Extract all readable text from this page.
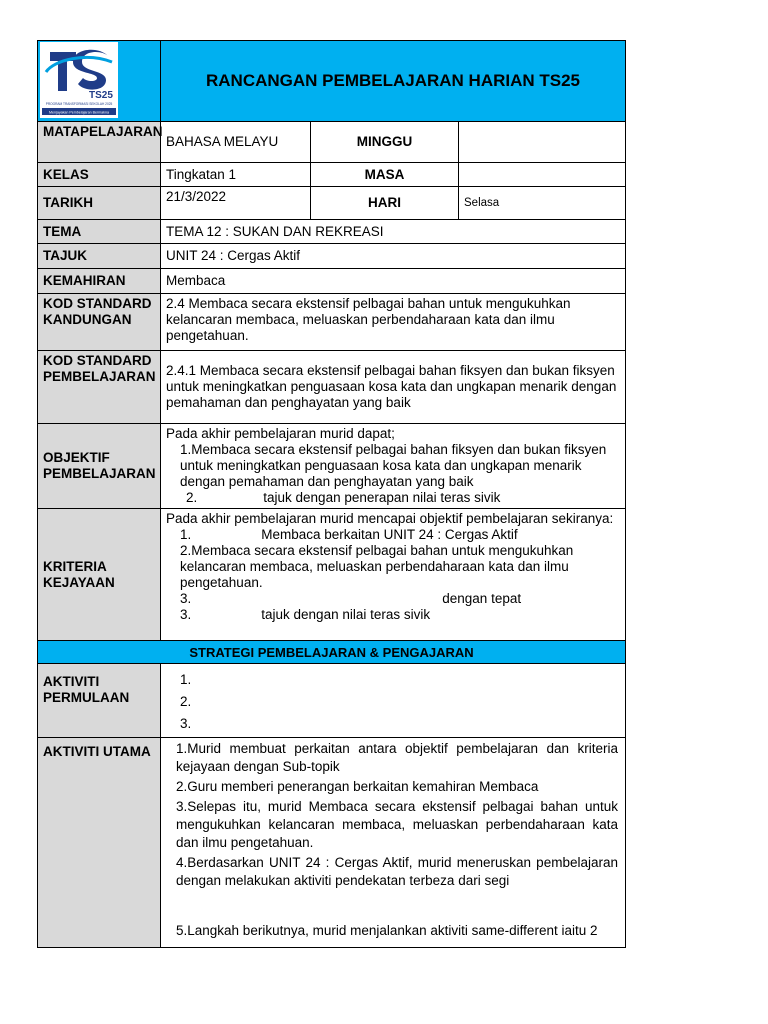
TS25
PROGRAM TRANSFORMASI SEKOLAH 2025
Menjayakan Pembelajaran Bermakna	RANCANGAN PEMBELAJARAN HARIAN TS25		
MATAPELAJARAN	BAHASA MELAYU	MINGGU	
KELAS	Tingkatan 1	MASA	
TARIKH	21/3/2022	HARI	Selasa
TEMA	TEMA 12 : SUKAN DAN REKREASI		
TAJUK	UNIT 24 : Cergas Aktif		
KEMAHIRAN	Membaca		
KOD STANDARD KANDUNGAN	2.4 Membaca secara ekstensif pelbagai bahan untuk mengukuhkan kelancaran membaca, meluaskan perbendaharaan kata dan ilmu pengetahuan.		
KOD STANDARD PEMBELAJARAN	2.4.1 Membaca secara ekstensif pelbagai bahan fiksyen dan bukan fiksyen untuk meningkatkan penguasaan kosa kata dan ungkapan menarik dengan pemahaman dan penghayatan yang baik		
OBJEKTIF PEMBELAJARAN	Pada akhir pembelajaran murid dapat;
1.Membaca secara ekstensif pelbagai bahan fiksyen dan bukan fiksyen untuk meningkatkan penguasaan kosa kata dan ungkapan menarik dengan pemahaman dan penghayatan yang baik
2. tajuk dengan penerapan nilai teras sivik		

KRITERIA KEJAYAAN	Pada akhir pembelajaran murid mencapai objektif pembelajaran sekiranya:
1. Membaca berkaitan UNIT 24 : Cergas Aktif
2.Membaca secara ekstensif pelbagai bahan untuk mengukuhkan kelancaran membaca, meluaskan perbendaharaan kata dan ilmu pengetahuan.
3. dengan tepat
3. tajuk dengan nilai teras sivik		

STRATEGI PEMBELAJARAN & PENGAJARAN			
AKTIVITI PERMULAAN	1.
2.
3.		

AKTIVITI UTAMA	1.Murid membuat perkaitan antara objektif pembelajaran dan kriteria kejayaan dengan Sub-topik
2.Guru memberi penerangan berkaitan kemahiran Membaca
3.Selepas itu, murid Membaca secara ekstensif pelbagai bahan untuk mengukuhkan kelancaran membaca, meluaskan perbendaharaan kata dan ilmu pengetahuan.
4.Berdasarkan UNIT 24 : Cergas Aktif, murid meneruskan pembelajaran dengan melakukan aktiviti pendekatan terbeza dari segi
5.Langkah berikutnya, murid menjalankan aktiviti same-different iaitu 2		
